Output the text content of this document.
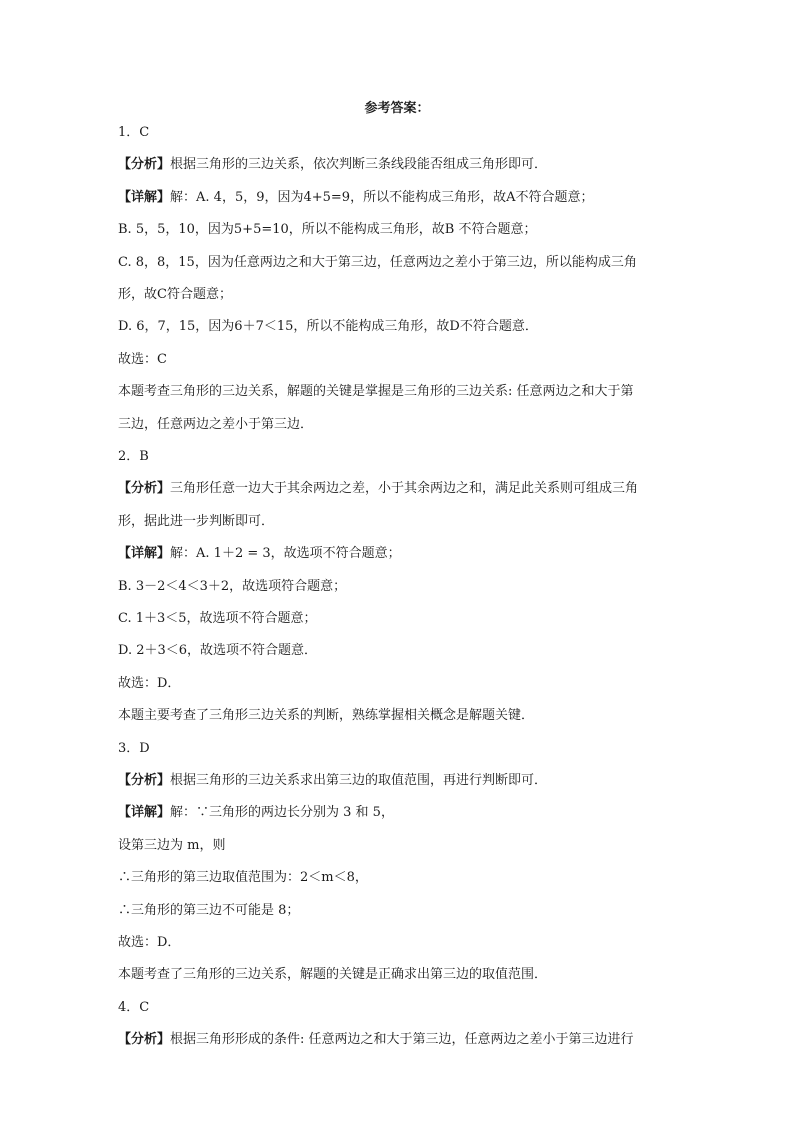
参考答案：
1．C
【分析】根据三角形的三边关系，依次判断三条线段能否组成三角形即可．
【详解】解：A. 4，5，9，因为4+5=9，所以不能构成三角形，故A不符合题意；
B. 5，5，10，因为5+5=10，所以不能构成三角形，故B 不符合题意；
C. 8，8，15，因为任意两边之和大于第三边，任意两边之差小于第三边，所以能构成三角
形，故C符合题意；
D. 6，7，15，因为6＋7＜15，所以不能构成三角形，故D不符合题意．
故选：C
本题考查三角形的三边关系，解题的关键是掌握是三角形的三边关系: 任意两边之和大于第
三边，任意两边之差小于第三边．
2．B
【分析】三角形任意一边大于其余两边之差，小于其余两边之和，满足此关系则可组成三角
形，据此进一步判断即可．
【详解】解：A. 1＋2 = 3，故选项不符合题意；
B. 3－2＜4＜3＋2，故选项符合题意；
C. 1＋3＜5，故选项不符合题意；
D. 2＋3＜6，故选项不符合题意．
故选：D．
本题主要考查了三角形三边关系的判断，熟练掌握相关概念是解题关键．
3．D
【分析】根据三角形的三边关系求出第三边的取值范围，再进行判断即可．
【详解】解：∵三角形的两边长分别为 3 和 5，
设第三边为 m，则
∴三角形的第三边取值范围为：2＜m＜8，
∴三角形的第三边不可能是 8；
故选：D．
本题考查了三角形的三边关系，解题的关键是正确求出第三边的取值范围．
4．C
【分析】根据三角形形成的条件: 任意两边之和大于第三边，任意两边之差小于第三边进行
